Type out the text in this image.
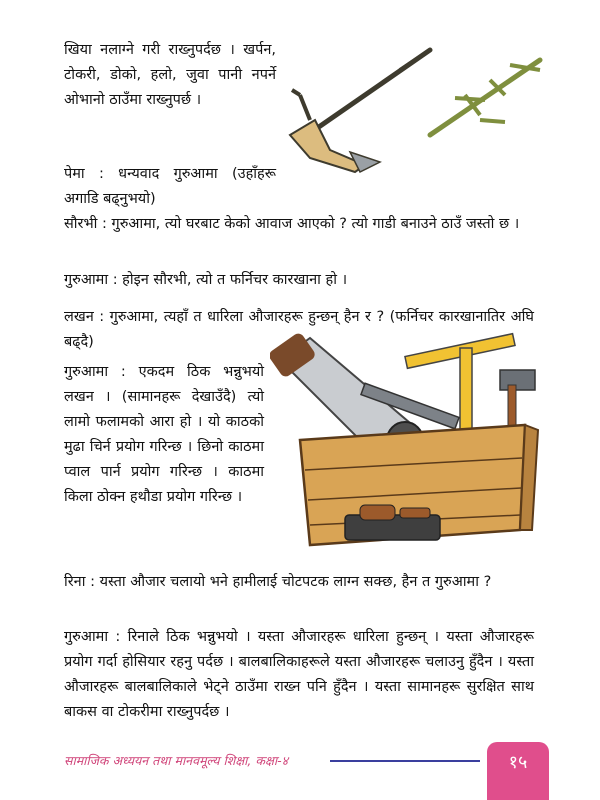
खिया नलाग्ने गरी राख्नुपर्दछ । खर्पन, टोकरी, डोको, हलो, जुवा पानी नपर्ने ओभानो ठाउँमा राख्नुपर्छ ।

पेमा : धन्यवाद गुरुआमा (उहाँहरू अगाडि बढ्नुभयो)

सौरभी : गुरुआमा, त्यो घरबाट केको आवाज आएको ? त्यो गाडी बनाउने ठाउँ जस्तो छ ।

गुरुआमा : होइन सौरभी, त्यो त फर्निचर कारखाना हो ।

लखन : गुरुआमा, त्यहाँ त धारिला औजारहरू हुन्छन् हैन र ? (फर्निचर कारखानातिर अघि बढ्दै)

गुरुआमा : एकदम ठिक भन्नुभयो लखन । (सामानहरू देखाउँदै) त्यो लामो फलामको आरा हो । यो काठको मुढा चिर्न प्रयोग गरिन्छ । छिनो काठमा प्वाल पार्न प्रयोग गरिन्छ । काठमा किला ठोक्न हथौडा प्रयोग गरिन्छ ।

रिना : यस्ता औजार चलायो भने हामीलाई चोटपटक लाग्न सक्छ, हैन त गुरुआमा ?

गुरुआमा : रिनाले ठिक भन्नुभयो । यस्ता औजारहरू धारिला हुन्छन् । यस्ता औजारहरू प्रयोग गर्दा होसियार रहनु पर्दछ । बालबालिकाहरूले यस्ता औजारहरू चलाउनु हुँदैन । यस्ता औजारहरू बालबालिकाले भेट्ने ठाउँमा राख्न पनि हुँदैन । यस्ता सामानहरू सुरक्षित साथ बाकस वा टोकरीमा राख्नुपर्दछ ।

सामाजिक अध्ययन तथा मानवमूल्य शिक्षा, कक्षा-४	१५
